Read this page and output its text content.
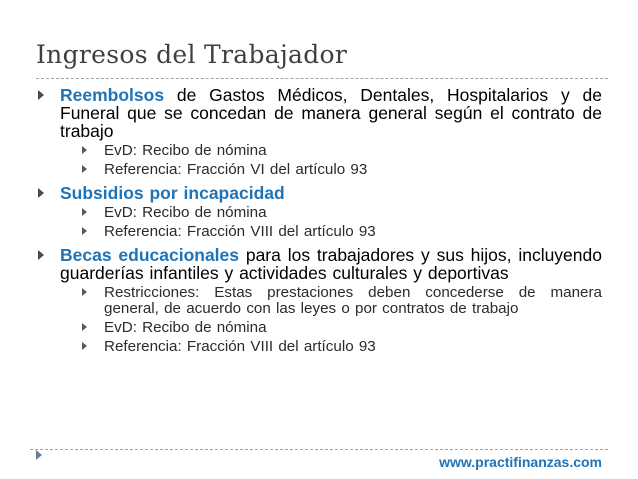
Ingresos del Trabajador
Reembolsos de Gastos Médicos, Dentales, Hospitalarios y de Funeral que se concedan de manera general según el contrato de trabajo
EvD: Recibo de nómina
Referencia: Fracción VI del artículo 93
Subsidios por incapacidad
EvD: Recibo de nómina
Referencia: Fracción VIII del artículo 93
Becas educacionales para los trabajadores y sus hijos, incluyendo guarderías infantiles y actividades culturales y deportivas
Restricciones: Estas prestaciones deben concederse de manera general, de acuerdo con las leyes o por contratos de trabajo
EvD: Recibo de nómina
Referencia: Fracción VIII del artículo 93
www.practifinanzas.com
